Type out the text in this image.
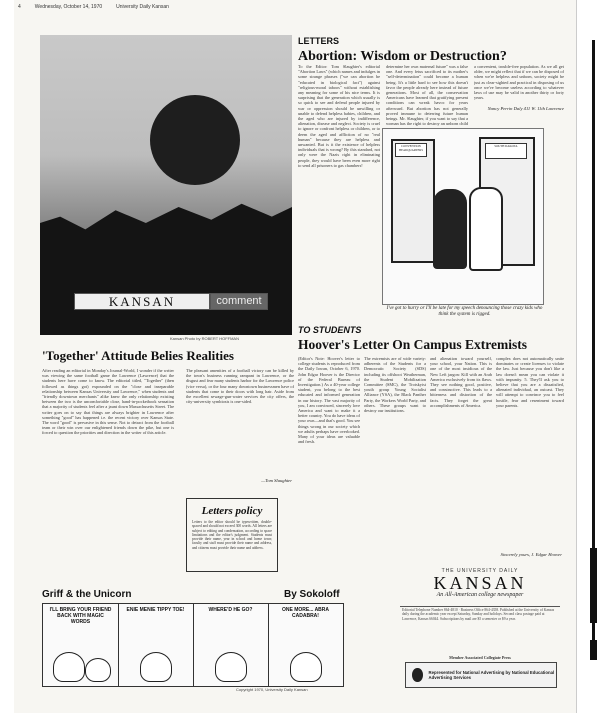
4	Wednesday, October 14, 1970	University Daily Kansan
KANSAN	comment
Kansan Photo by ROBERT HOFFMAN
LETTERS
Abortion: Wisdom or Destruction?

To the Editor: Tom Slaughter's editorial "Abortion Laws" (which names and indulges in some strange phrases ("we can abortion be "educated in biological fact") against "religious-moral taboos" without establishing any meaning for some of his nice terms. It is surprising that the generation which usually is so quick to see and defend people injured by war or oppression should be unwilling or unable to defend helpless babies, children, and the aged who are injured by indifference, alienation, disease and neglect. Society is cruel to ignore or confront helpless or children, or to deem the aged and affliction of no "real human" because they are helpless and unwanted. But is it the existence of helpless individuals that is wrong? By this standard, not only were the Nazis right in eliminating people, they would have been even more right to send all prisoners to gas chambers!

determine her own maternal future" was a false one. And every fetus sacrificed to its mother's "self-determination" could become a human being. It's a little hard to see how this doesn't favor the people already here instead of future generations. Most of all, the conservation Americans have learned that gratifying present conditions can wreak havoc for years afterward. But abortion has not generally proved immune to deterring future human beings. Mr. Slaughter, if you want to say that a woman has the right to destroy an unborn child

a convenient, trouble-free population. As we all get older, we might reflect that if we can be disposed of when we're helpless and unborn, society might be just as clear-sighted and practical in disposing of us once we've become useless according to whatever laws of use may be valid in another thirty or forty years.

Nancy Perrin Daly 411 W. 11th Lawrence
CONVENTION HEADQUARTERS
SOUTH DAKOTA
I've got to hurry or I'll be late for my speech denouncing those crazy kids who think the system is rigged.
TO STUDENTS
Hoover's Letter On Campus Extremists

(Editor's Note: Hoover's letter to college students is reproduced from the Daily Iowan, October 6, 1970. John Edgar Hoover is the Director of the Federal Bureau of Investigation.) As a 40-year college student, you belong to the best educated and informed generation in our history. The vast majority of you, I am convinced, sincerely love America and want to make it a better country. You do have ideas of your own—and that's good. You see things wrong in our society which we adults perhaps have overlooked. Many of your ideas are valuable and fresh.

The extremists are of wide variety: adherents of the Students for a Democratic Society (SDS) including its offshoot Weatherman, the Student Mobilization Committee (SMC), the Trotskyist youth group Young Socialist Alliance (YSA), the Black Panther Party, the Workers World Party, and others. These groups want to destroy our institutions.

and alienation toward yourself, your school, your Nation. This is one of the most insidious of the New Left jargon: Kill with an Arab America exclusively from its flaws. They see nothing good, positive, and constructive. This leads to a bitterness and distortion of the facts. They forget the great accomplishments of America.

complex does not automatically unite dominates or create licenses to violate the law. Just because you don't like a law doesn't mean you can violate it with impunity. 5. They'll ask you to believe that you are a dissatisfied, alienated individual, an outcast. They will attempt to convince you to feel hostile, fear and resentment toward your parents.

Sincerely yours, J. Edgar Hoover
'Together' Attitude Belies Realities

After reading an editorial in Monday's Journal-World, I wonder if the writer was viewing the same football game the Lawrence (Lawrence) that the students here have come to know. The editorial titled, "Together" (then followed as things got) expounded on the "close and inseparable relationship between Kansas University and Lawrence," when students and "friendly downtown merchants" alike knew the only relationship existing between the two is the uncomfortable close, hand-in-pocketbook sensation that a majority of students feel after a jaunt down Massachusetts Street. The writer goes on to say that things are always brighter in Lawrence after something "good" has happened i.e. the recent victory over Kansas State. The word "good" is pervasive in this sense. Not to detract from the football team or their win over our enlightened friends down the pike, but one is forced to question the priorities and direction in the writer of this article.

The pleasant amenities of a football victory can be killed by the town's business running rampant in Lawrence, or the disgust and fear many students harbor for the Lawrence police (vice versa), or the four many downtown businessmen have of students that come to their doors with long hair. Aside from the excellent sewage-gun-water services the city offers, the city-university symbiosis is one-sided.

—Tom Slaughter
Letters policy
Letters to the editor should be typewritten, double-spaced and should not exceed 300 words. All letters are subject to editing and condensation, according to space limitations and the editor's judgment. Students must provide their name, year in school and home town; faculty and staff must provide their name and address, and citizens must provide their name and address.
Griff & the Unicorn	By Sokoloff
I'LL BRING YOUR FRIEND BACK WITH MAGIC WORDS
ENIE MENIE TIPPY TOE!	WHERE'D HE GO?	ONE MORE... ABRA CADABRA!
Copyright 1970, University Daily Kansan
THE UNIVERSITY DAILY
KANSAN
An All-American college newspaper
Editorial Telephone Number 864-4810 · Business Office 864-4358. Published at the University of Kansas daily during the academic year except Saturday, Sunday and holidays. Second class postage paid at Lawrence, Kansas 66044. Subscriptions by mail are $5 a semester or $9 a year.
Member Associated Collegiate Press
Represented for National Advertising by National Educational Advertising Services
